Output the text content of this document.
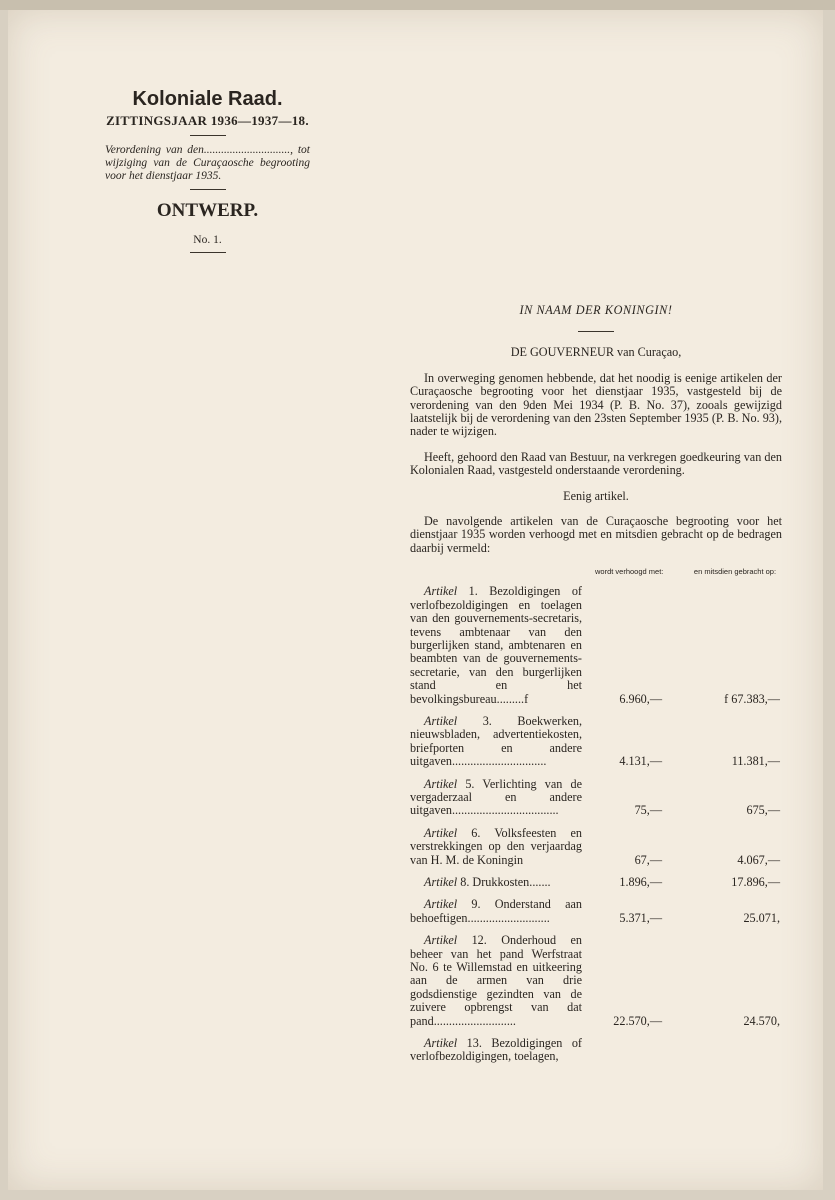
Koloniale Raad.
ZITTINGSJAAR 1936—1937—18.
Verordening van den.............................., tot wijziging van de Curaçaosche begrooting voor het dienstjaar 1935.
ONTWERP.
No. 1.
IN NAAM DER KONINGIN!
DE GOUVERNEUR van Curaçao,
In overweging genomen hebbende, dat het noodig is eenige artikelen der Curaçaosche begrooting voor het dienstjaar 1935, vastgesteld bij de verordening van den 9den Mei 1934 (P. B. No. 37), zooals gewijzigd laatstelijk bij de verordening van den 23sten September 1935 (P. B. No. 93), nader te wijzigen.
Heeft, gehoord den Raad van Bestuur, na verkregen goedkeuring van den Kolonialen Raad, vastgesteld onderstaande verordening.
Eenig artikel.
De navolgende artikelen van de Curaçaosche begrooting voor het dienstjaar 1935 worden verhoogd met en mitsdien gebracht op de bedragen daarbij vermeld:
wordt verhoogd met:	en mitsdien gebracht op:
Artikel 1. Bezoldigingen of verlofbezoldigingen en toelagen van den gouvernements-secretaris, tevens ambtenaar van den burgerlijken stand, ambtenaren en beambten van de gouvernements-secretarie, van den burgerlijken stand en het bevolkingsbureau.........f	6.960,—	f 67.383,—
Artikel 3. Boekwerken, nieuwsbladen, advertentiekosten, briefporten en andere uitgaven...............................	4.131,—	11.381,—
Artikel 5. Verlichting van de vergaderzaal en andere uitgaven...................................	75,—	675,—
Artikel 6. Volksfeesten en verstrekkingen op den verjaardag van H. M. de Koningin	67,—	4.067,—
Artikel 8. Drukkosten.......	1.896,—	17.896,—
Artikel 9. Onderstand aan behoeftigen...........................	5.371,—	25.071,
Artikel 12. Onderhoud en beheer van het pand Werfstraat No. 6 te Willemstad en uitkeering aan de armen van drie godsdienstige gezindten van de zuivere opbrengst van dat pand...........................	22.570,—	24.570,
Artikel 13. Bezoldigingen of verlofbezoldigingen, toelagen,
